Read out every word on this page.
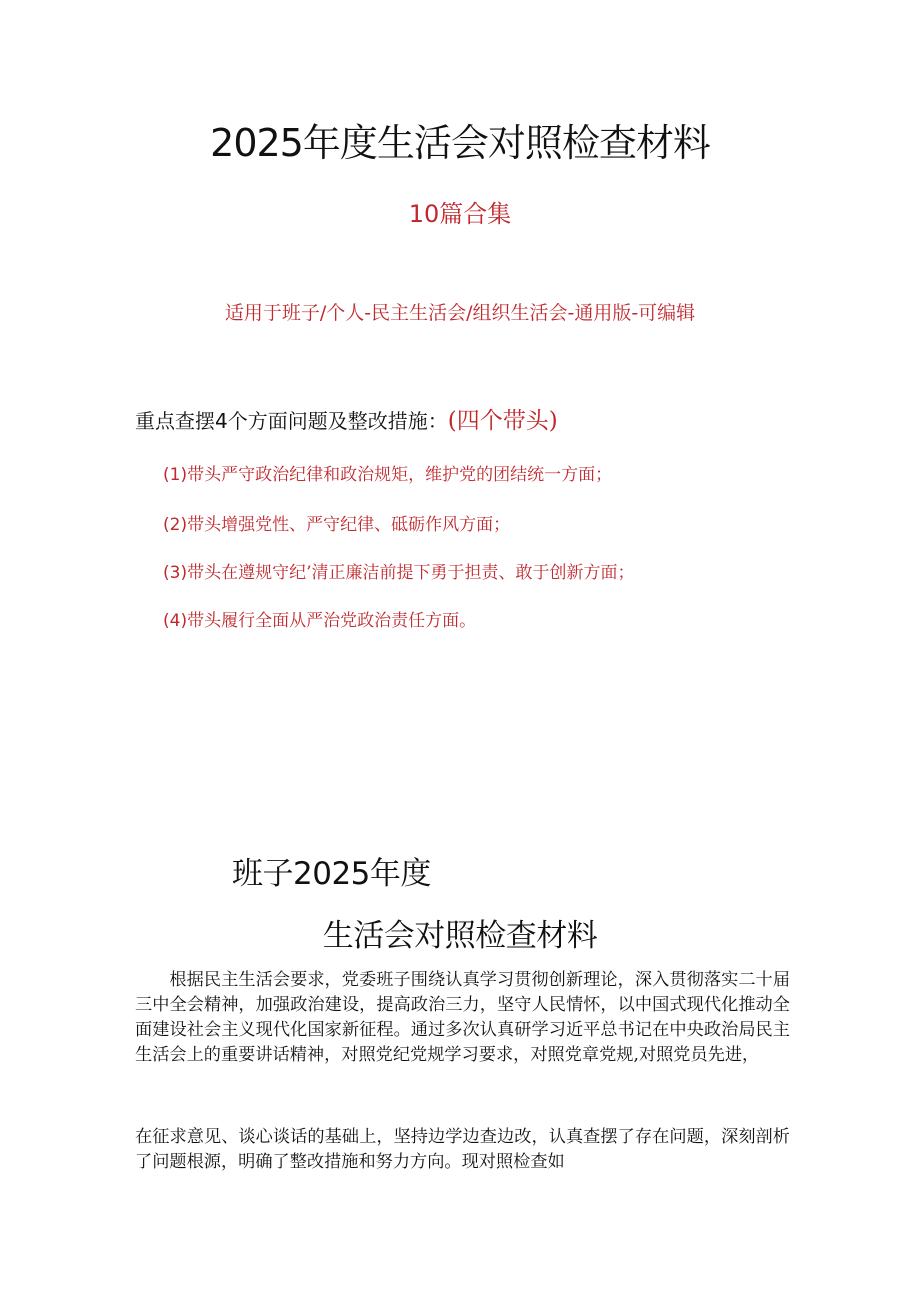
2025年度生活会对照检查材料
10篇合集
适用于班子/个人-民主生活会/组织生活会-通用版-可编辑
重点查摆4个方面问题及整改措施：(四个带头)
(1)带头严守政治纪律和政治规矩，维护党的团结统一方面；
(2)带头增强党性、严守纪律、砥砺作风方面；
(3)带头在遵规守纪’清正廉洁前提下勇于担责、敢于创新方面；
(4)带头履行全面从严治党政治责任方面。
班子2025年度
生活会对照检查材料

根据民主生活会要求，党委班子围绕认真学习贯彻创新理论，深入贯彻落实二十届三中全会精神，加强政治建设，提高政治三力，坚守人民情怀，以中国式现代化推动全面建设社会主义现代化国家新征程。通过多次认真研学习近平总书记在中央政治局民主生活会上的重要讲话精神，对照党纪党规学习要求，对照党章党规,对照党员先进，

在征求意见、谈心谈话的基础上，坚持边学边查边改，认真查摆了存在问题，深刻剖析了问题根源，明确了整改措施和努力方向。现对照检查如
